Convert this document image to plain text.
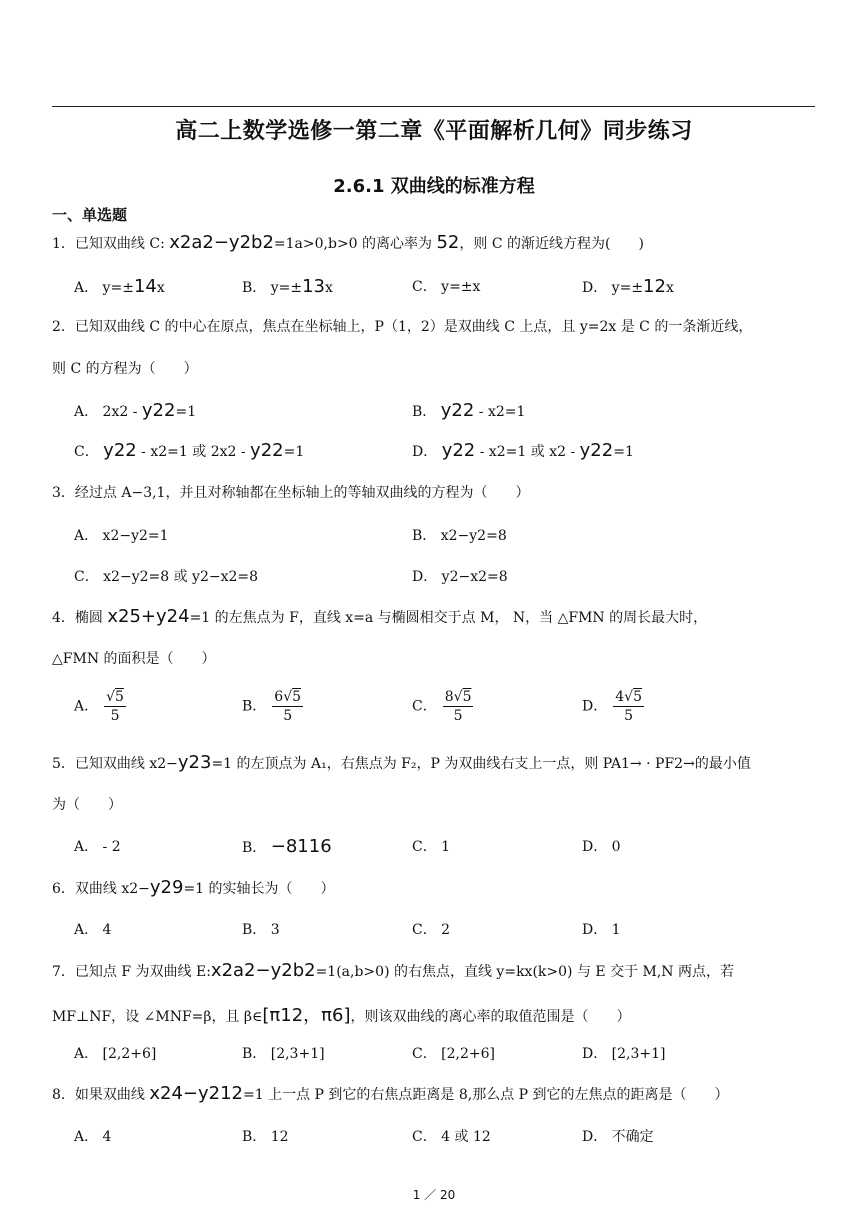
高二上数学选修一第二章《平面解析几何》同步练习
2.6.1 双曲线的标准方程
一、单选题
1．已知双曲线 C: x2a2−y2b2=1a>0,b>0 的离心率为 52，则 C 的渐近线方程为(　　)
A． y=±14x	B． y=±13x	C． y=±x	D． y=±12x
2．已知双曲线 C 的中心在原点，焦点在坐标轴上，P（1，2）是双曲线 C 上点，且 y=2x 是 C 的一条渐近线，
则 C 的方程为（　　）
A． 2x2 - y22=1	B． y22 - x2=1
C． y22 - x2=1 或 2x2 - y22=1	D． y22 - x2=1 或 x2 - y22=1
3．经过点 A−3,1，并且对称轴都在坐标轴上的等轴双曲线的方程为（　　）
A． x2−y2=1	B． x2−y2=8
C． x2−y2=8 或 y2−x2=8	D． y2−x2=8
4．椭圆 x25+y24=1 的左焦点为 F，直线 x=a 与椭圆相交于点 M， N，当 △FMN 的周长最大时，
△FMN 的面积是（　　）
A． $\frac{√5}{5}$	B． $\frac{6√5}{5}$	C． $\frac{8√5}{5}$	D． $\frac{4√5}{5}$
5．已知双曲线 x2−y23=1 的左顶点为 A₁，右焦点为 F₂，P 为双曲线右支上一点，则 PA1→ · PF2→的最小值
为（　　）
A． - 2	B． −8116	C． 1	D． 0
6．双曲线 x2−y29=1 的实轴长为（　　）
A． 4	B． 3	C． 2	D． 1
7．已知点 F 为双曲线 E:x2a2−y2b2=1(a,b>0) 的右焦点，直线 y=kx(k>0) 与 E 交于 M,N 两点，若
MF⊥NF，设 ∠MNF=β，且 β∈[π12，π6]，则该双曲线的离心率的取值范围是（　　）
A． [2,2+6]	B． [2,3+1]	C． [2,2+6]	D． [2,3+1]
8．如果双曲线 x24−y212=1 上一点 P 到它的右焦点距离是 8,那么点 P 到它的左焦点的距离是（　　）
A． 4	B． 12	C． 4 或 12	D． 不确定
1 ／ 20
